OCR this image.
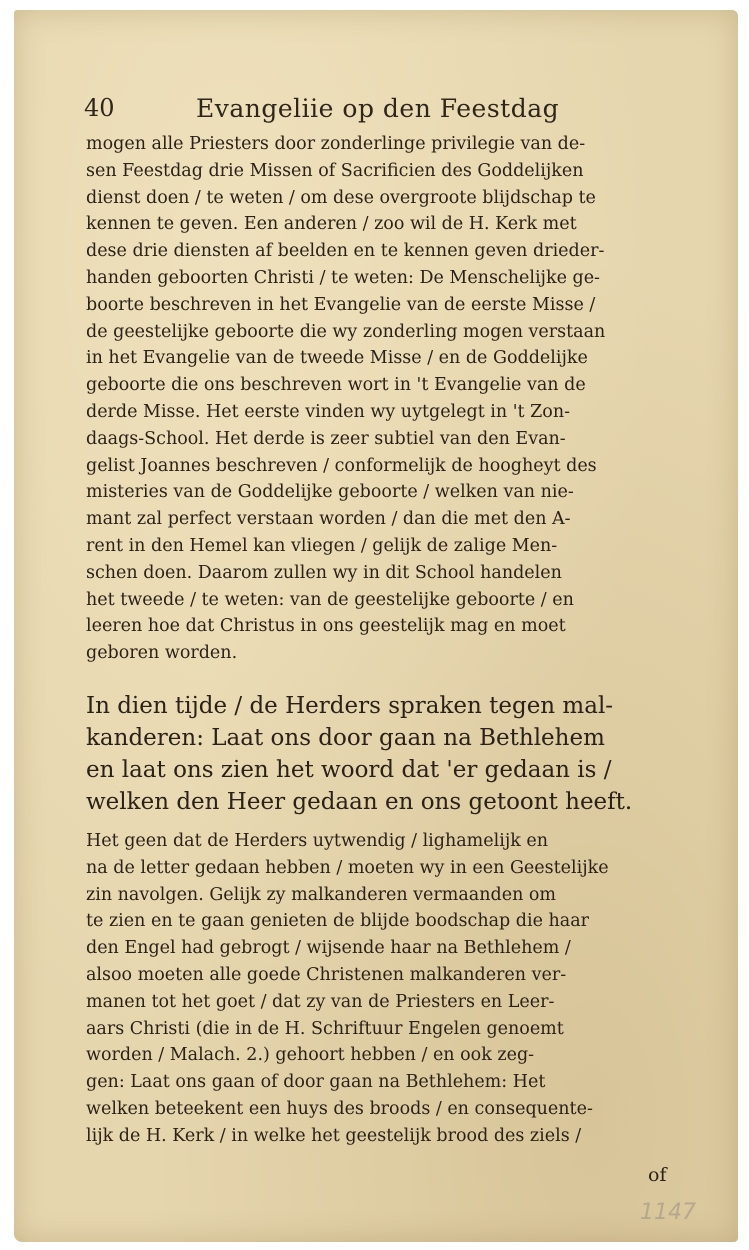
40	Evangeliie op den Feestdag
mogen alle Priesters door zonderlinge privilegie van de-
sen Feestdag drie Missen of Sacrificien des Goddelijken
dienst doen / te weten / om dese overgroote blijdschap te
kennen te geven. Een anderen / zoo wil de H. Kerk met
dese drie diensten af beelden en te kennen geven drieder-
handen geboorten Christi / te weten: De Menschelijke ge-
boorte beschreven in het Evangelie van de eerste Misse /
de geestelijke geboorte die wy zonderling mogen verstaan
in het Evangelie van de tweede Misse / en de Goddelijke
geboorte die ons beschreven wort in 't Evangelie van de
derde Misse. Het eerste vinden wy uytgelegt in 't Zon-
daags-School. Het derde is zeer subtiel van den Evan-
gelist Joannes beschreven / conformelijk de hoogheyt des
misteries van de Goddelijke geboorte / welken van nie-
mant zal perfect verstaan worden / dan die met den A-
rent in den Hemel kan vliegen / gelijk de zalige Men-
schen doen. Daarom zullen wy in dit School handelen
het tweede / te weten: van de geestelijke geboorte / en
leeren hoe dat Christus in ons geestelijk mag en moet
geboren worden.
In dien tijde / de Herders spraken tegen mal-
kanderen: Laat ons door gaan na Bethlehem
en laat ons zien het woord dat 'er gedaan is /
welken den Heer gedaan en ons getoont heeft.
Het geen dat de Herders uytwendig / lighamelijk en
na de letter gedaan hebben / moeten wy in een Geestelijke
zin navolgen. Gelijk zy malkanderen vermaanden om
te zien en te gaan genieten de blijde boodschap die haar
den Engel had gebrogt / wijsende haar na Bethlehem /
alsoo moeten alle goede Christenen malkanderen ver-
manen tot het goet / dat zy van de Priesters en Leer-
aars Christi (die in de H. Schriftuur Engelen genoemt
worden / Malach. 2.) gehoort hebben / en ook zeg-
gen: Laat ons gaan of door gaan na Bethlehem: Het
welken beteekent een huys des broods / en consequente-
lijk de H. Kerk / in welke het geestelijk brood des ziels /
of
1147
